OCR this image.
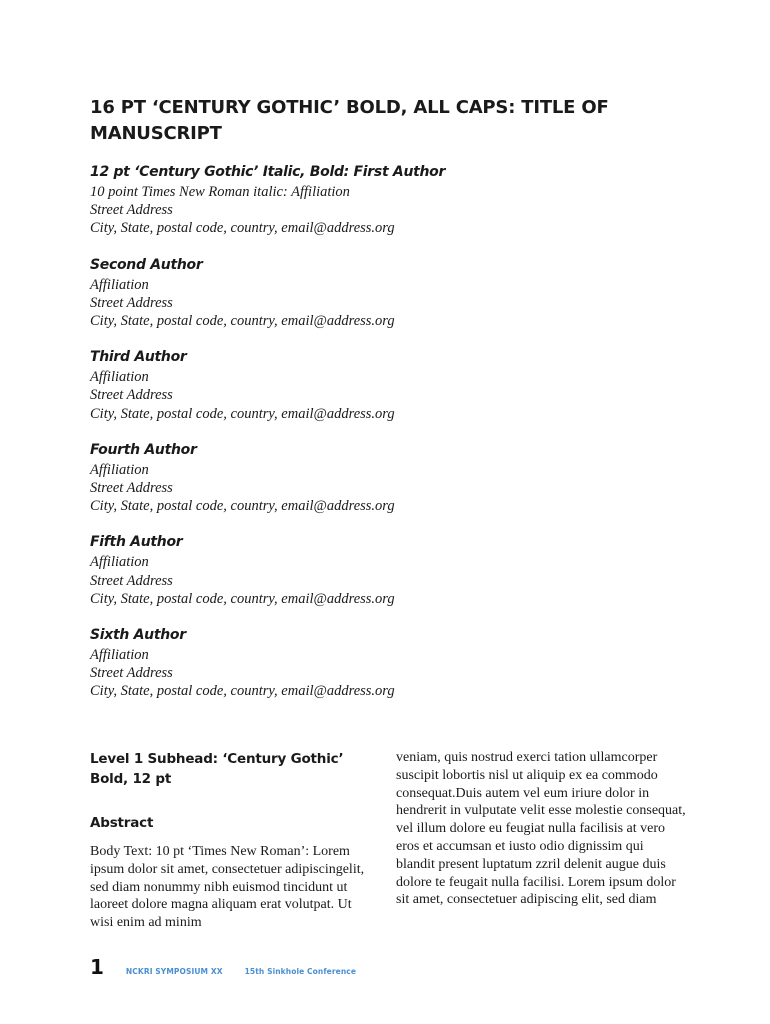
16 PT ‘CENTURY GOTHIC’ BOLD, ALL CAPS: TITLE OF MANUSCRIPT
12 pt ‘Century Gothic’ Italic, Bold: First Author
10 point Times New Roman italic: Affiliation
Street Address
City, State, postal code, country, email@address.org
Second Author
Affiliation
Street Address
City, State, postal code, country, email@address.org
Third Author
Affiliation
Street Address
City, State, postal code, country, email@address.org
Fourth Author
Affiliation
Street Address
City, State, postal code, country, email@address.org
Fifth Author
Affiliation
Street Address
City, State, postal code, country, email@address.org
Sixth Author
Affiliation
Street Address
City, State, postal code, country, email@address.org
Level 1 Subhead: ‘Century Gothic’ Bold, 12 pt
Abstract

Body Text: 10 pt ‘Times New Roman’: Lorem ipsum dolor sit amet, consectetuer adipiscingelit, sed diam nonummy nibh euismod tincidunt ut laoreet dolore magna aliquam erat volutpat. Ut wisi enim ad minim

veniam, quis nostrud exerci tation ullamcorper suscipit lobortis nisl ut aliquip ex ea commodo consequat.Duis autem vel eum iriure dolor in hendrerit in vulputate velit esse molestie consequat, vel illum dolore eu feugiat nulla facilisis at vero eros et accumsan et iusto odio dignissim qui blandit present luptatum zzril delenit augue duis dolore te feugait nulla facilisi. Lorem ipsum dolor sit amet, consectetuer adipiscing elit, sed diam

1	NCKRI SYMPOSIUM XX	15th Sinkhole Conference
